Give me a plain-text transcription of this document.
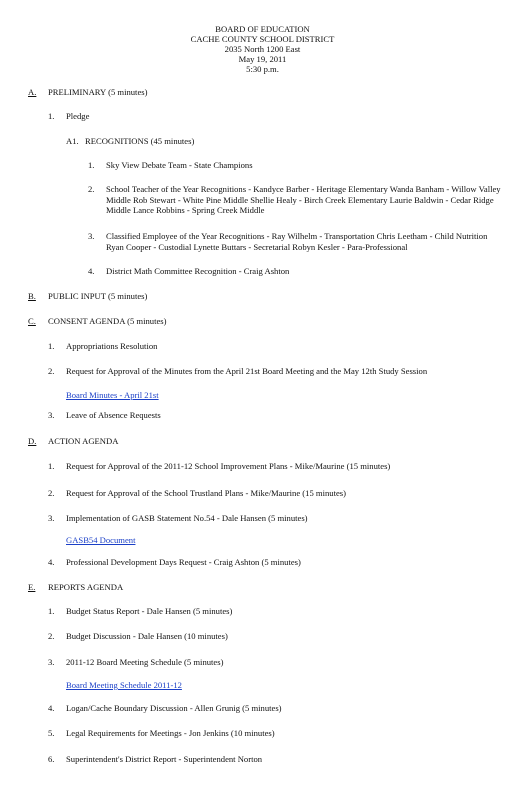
BOARD OF EDUCATION
CACHE COUNTY SCHOOL DISTRICT
2035 North 1200 East
May 19, 2011
5:30 p.m.
A. PRELIMINARY (5 minutes)
1. Pledge
A1. RECOGNITIONS (45 minutes)
1. Sky View Debate Team - State Champions
2. School Teacher of the Year Recognitions - Kandyce Barber - Heritage Elementary Wanda Banham - Willow Valley Middle Rob Stewart - White Pine Middle Shellie Healy - Birch Creek Elementary Laurie Baldwin - Cedar Ridge Middle Lance Robbins - Spring Creek Middle
3. Classified Employee of the Year Recognitions - Ray Wilhelm - Transportation Chris Leetham - Child Nutrition Ryan Cooper - Custodial Lynette Buttars - Secretarial Robyn Kesler - Para-Professional
4. District Math Committee Recognition - Craig Ashton
B. PUBLIC INPUT (5 minutes)
C. CONSENT AGENDA (5 minutes)
1. Appropriations Resolution
2. Request for Approval of the Minutes from the April 21st Board Meeting and the May 12th Study Session
Board Minutes - April 21st
3. Leave of Absence Requests
D. ACTION AGENDA
1. Request for Approval of the 2011-12 School Improvement Plans - Mike/Maurine (15 minutes)
2. Request for Approval of the School Trustland Plans - Mike/Maurine (15 minutes)
3. Implementation of GASB Statement No.54 - Dale Hansen (5 minutes)
GASB54 Document
4. Professional Development Days Request - Craig Ashton (5 minutes)
E. REPORTS AGENDA
1. Budget Status Report - Dale Hansen (5 minutes)
2. Budget Discussion - Dale Hansen (10 minutes)
3. 2011-12 Board Meeting Schedule (5 minutes)
Board Meeting Schedule 2011-12
4. Logan/Cache Boundary Discussion - Allen Grunig (5 minutes)
5. Legal Requirements for Meetings - Jon Jenkins (10 minutes)
6. Superintendent's District Report - Superintendent Norton
